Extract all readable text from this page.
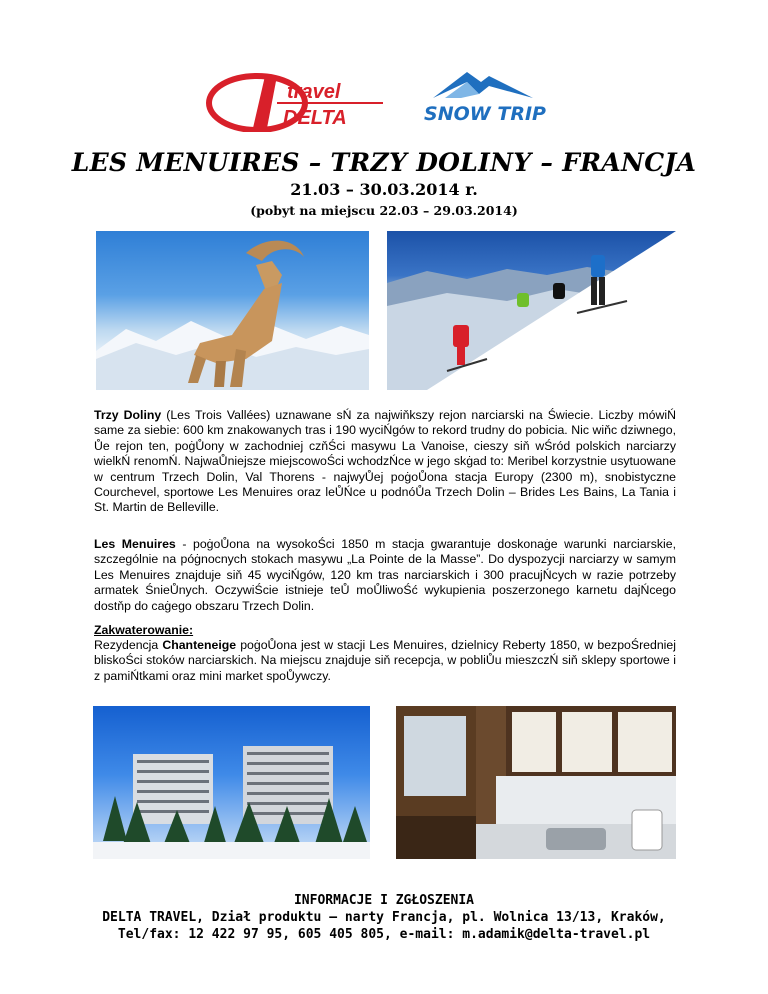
travel
DELTA	SNOW TRIP
LES MENUIRES – TRZY DOLINY – FRANCJA
21.03 – 30.03.2014 r.
(pobyt na miejscu 22.03 – 29.03.2014)
Trzy Doliny (Les Trois Vallées) uznawane sŃ za najwiňkszy rejon narciarski na Świecie. Liczby mówiŃ same za siebie: 600 km znakowanych tras i 190 wyciŃgów to rekord trudny do pobicia. Nic wiňc dziwnego, Ůe rejon ten, poġŮony w zachodniej czňŚci masywu La Vanoise, cieszy siň wŚród polskich narciarzy wielkŃ renomŃ. NajwaŮniejsze miejscowoŚci wchodzŃce w jego skġad to: Meribel korzystnie usytuowane w centrum Trzech Dolin, Val Thorens - najwyŮej poġoŮona stacja Europy (2300 m), snobistyczne Courchevel, sportowe Les Menuires oraz leŮŃce u podnóŮa Trzech Dolin – Brides Les Bains, La Tania i St. Martin de Belleville.
Les Menuires - poġoŮona na wysokoŚci 1850 m stacja gwarantuje doskonaġe warunki narciarskie, szczególnie na póġnocnych stokach masywu „La Pointe de la Masse”. Do dyspozycji narciarzy w samym Les Menuires znajduje siň 45 wyciŃgów, 120 km tras narciarskich i 300 pracujŃcych w razie potrzeby armatek ŚnieŮnych. OczywiŚcie istnieje teŮ moŮliwoŚć wykupienia poszerzonego karnetu dajŃcego dostňp do caġego obszaru Trzech Dolin.
Zakwaterowanie:
Rezydencja Chanteneige poġoŮona jest w stacji Les Menuires, dzielnicy Reberty 1850, w bezpoŚredniej bliskoŚci stoków narciarskich. Na miejscu znajduje siň recepcja, w pobliŮu mieszczŃ siň sklepy sportowe i z pamiŃtkami oraz mini market spoŮywczy.
INFORMACJE I ZGŁOSZENIA
DELTA TRAVEL, Dział produktu – narty Francja, pl. Wolnica 13/13, Kraków,
Tel/fax: 12 422 97 95, 605 405 805, e-mail: m.adamik@delta-travel.pl
